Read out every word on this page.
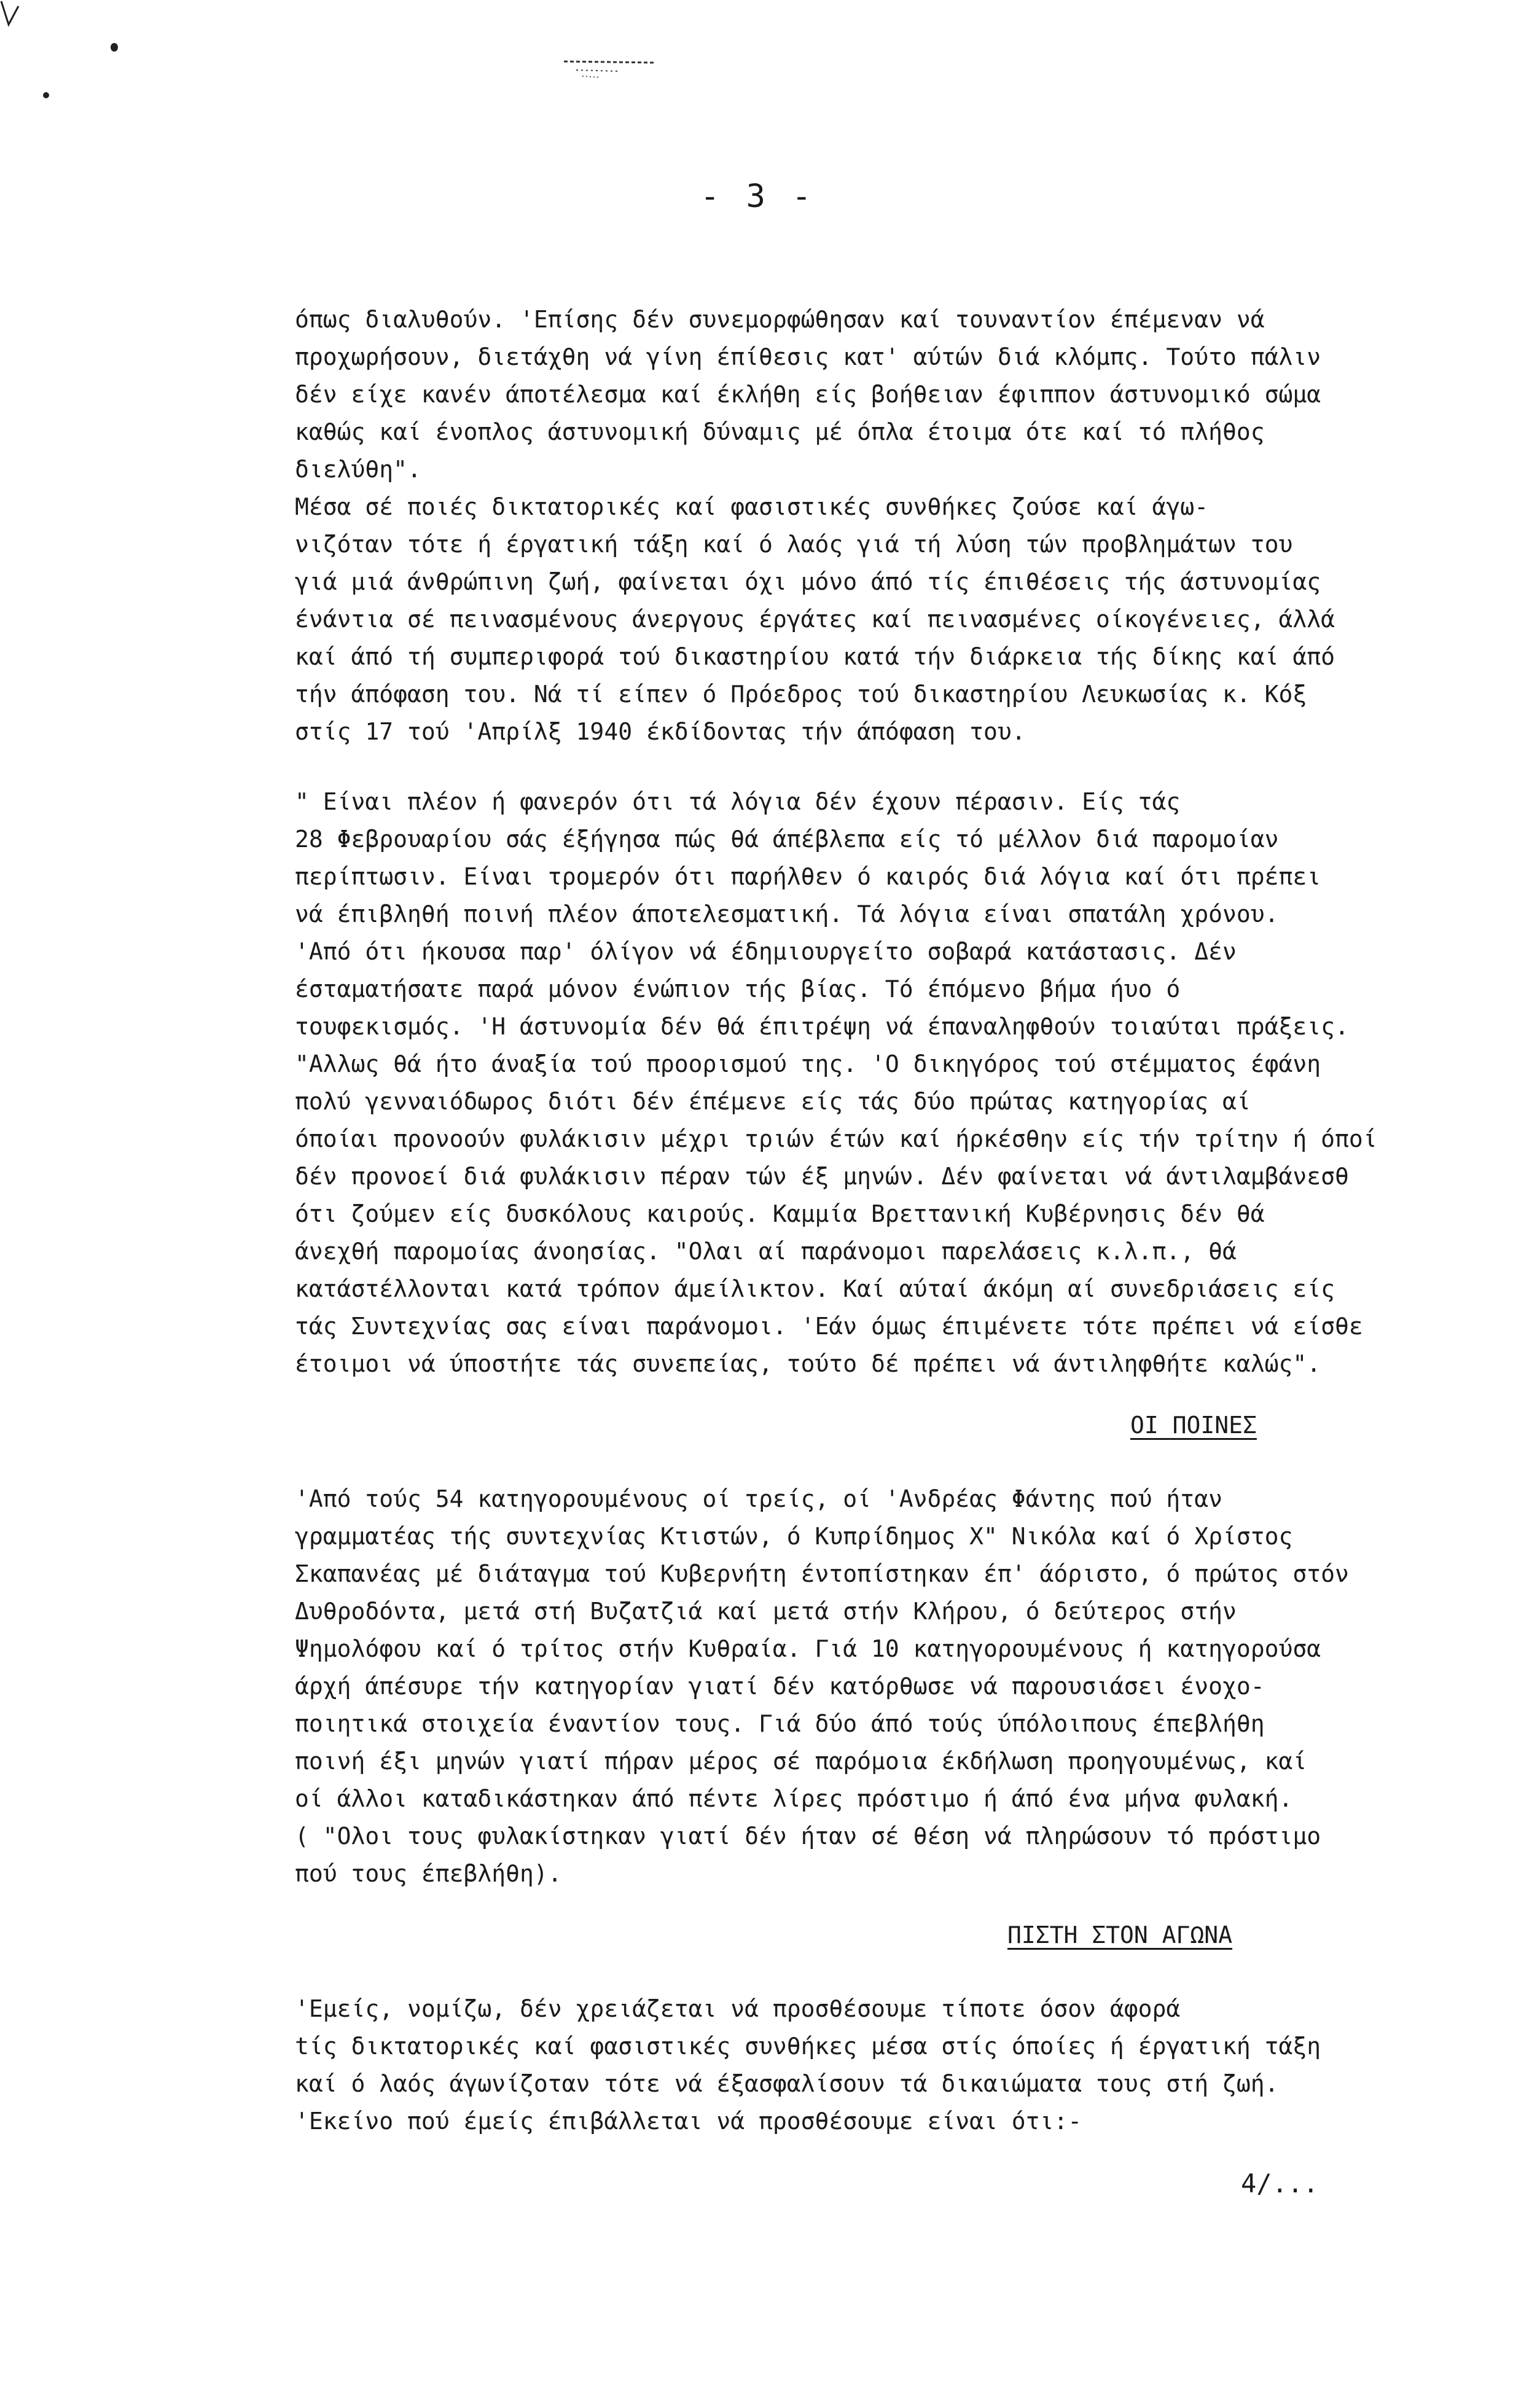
- 3 -
όπως διαλυθούν. 'Επίσης δέν συνεμορφώθησαν καί τουναντίον έπέμεναν νά
προχωρήσουν, διετάχθη νά γίνη έπίθεσις κατ' αύτών διά κλόμπς. Τούτο πάλιν
δέν είχε κανέν άποτέλεσμα καί έκλήθη είς βοήθειαν έφιππον άστυνομικό σώμα
καθώς καί ένοπλος άστυνομική δύναμις μέ όπλα έτοιμα ότε καί τό πλήθος
διελύθη".
Μέσα σέ ποιές δικτατορικές καί φασιστικές συνθήκες ζούσε καί άγω-
νιζόταν τότε ή έργατική τάξη καί ό λαός γιά τή λύση τών προβλημάτων του
γιά μιά άνθρώπινη ζωή, φαίνεται όχι μόνο άπό τίς έπιθέσεις τής άστυνομίας
ένάντια σέ πεινασμένους άνεργους έργάτες καί πεινασμένες οίκογένειες, άλλά
καί άπό τή συμπεριφορά τού δικαστηρίου κατά τήν διάρκεια τής δίκης καί άπό
τήν άπόφαση του. Νά τί είπεν ό Πρόεδρος τού δικαστηρίου Λευκωσίας κ. Κόξ
στίς 17 τού 'Απρίλξ 1940 έκδίδοντας τήν άπόφαση του.
" Είναι πλέον ή φανερόν ότι τά λόγια δέν έχουν πέρασιν. Είς τάς
28 Φεβρουαρίου σάς έξήγησα πώς θά άπέβλεπα είς τό μέλλον διά παρομοίαν
περίπτωσιν. Είναι τρομερόν ότι παρήλθεν ό καιρός διά λόγια καί ότι πρέπει
νά έπιβληθή ποινή πλέον άποτελεσματική. Τά λόγια είναι σπατάλη χρόνου.
'Από ότι ήκουσα παρ' όλίγον νά έδημιουργείτο σοβαρά κατάστασις. Δέν
έσταματήσατε παρά μόνον ένώπιον τής βίας. Τό έπόμενο βήμα ήυο ό
τουφεκισμός. 'Η άστυνομία δέν θά έπιτρέψη νά έπαναληφθούν τοιαύται πράξεις.
"Αλλως θά ήτο άναξία τού προορισμού της. 'Ο δικηγόρος τού στέμματος έφάνη
πολύ γενναιόδωρος διότι δέν έπέμενε είς τάς δύο πρώτας κατηγορίας αί
όποίαι προνοούν φυλάκισιν μέχρι τριών έτών καί ήρκέσθην είς τήν τρίτην ή όποί
δέν προνοεί διά φυλάκισιν πέραν τών έξ μηνών. Δέν φαίνεται νά άντιλαμβάνεσθ
ότι ζούμεν είς δυσκόλους καιρούς. Καμμία Βρεττανική Κυβέρνησις δέν θά
άνεχθή παρομοίας άνοησίας. "Ολαι αί παράνομοι παρελάσεις κ.λ.π., θά
κατάστέλλονται κατά τρόπον άμείλικτον. Καί αύταί άκόμη αί συνεδριάσεις είς
τάς Συντεχνίας σας είναι παράνομοι. 'Εάν όμως έπιμένετε τότε πρέπει νά είσθε
έτοιμοι νά ύποστήτε τάς συνεπείας, τούτο δέ πρέπει νά άντιληφθήτε καλώς".
ΟΙ ΠΟΙΝΕΣ
'Από τούς 54 κατηγορουμένους οί τρείς, οί 'Ανδρέας Φάντης πού ήταν
γραμματέας τής συντεχνίας Κτιστών, ό Κυπρίδημος Χ" Νικόλα καί ό Χρίστος
Σκαπανέας μέ διάταγμα τού Κυβερνήτη έντοπίστηκαν έπ' άόριστο, ό πρώτος στόν
Δυθροδόντα, μετά στή Βυζατζιά καί μετά στήν Κλήρου, ό δεύτερος στήν
Ψημολόφου καί ό τρίτος στήν Κυθραία. Γιά 10 κατηγορουμένους ή κατηγορούσα
άρχή άπέσυρε τήν κατηγορίαν γιατί δέν κατόρθωσε νά παρουσιάσει ένοχο-
ποιητικά στοιχεία έναντίον τους. Γιά δύο άπό τούς ύπόλοιπους έπεβλήθη
ποινή έξι μηνών γιατί πήραν μέρος σέ παρόμοια έκδήλωση προηγουμένως, καί
οί άλλοι καταδικάστηκαν άπό πέντε λίρες πρόστιμο ή άπό ένα μήνα φυλακή.
( "Ολοι τους φυλακίστηκαν γιατί δέν ήταν σέ θέση νά πληρώσουν τό πρόστιμο
πού τους έπεβλήθη).
ΠΙΣΤΗ ΣΤΟΝ ΑΓΩΝΑ
'Εμείς, νομίζω, δέν χρειάζεται νά προσθέσουμε τίποτε όσον άφορά
tίς δικτατορικές καί φασιστικές συνθήκες μέσα στίς όποίες ή έργατική τάξη
καί ό λαός άγωνίζοταν τότε νά έξασφαλίσουν τά δικαιώματα τους στή ζωή.
'Εκείνο πού έμείς έπιβάλλεται νά προσθέσουμε είναι ότι:-
4/...
